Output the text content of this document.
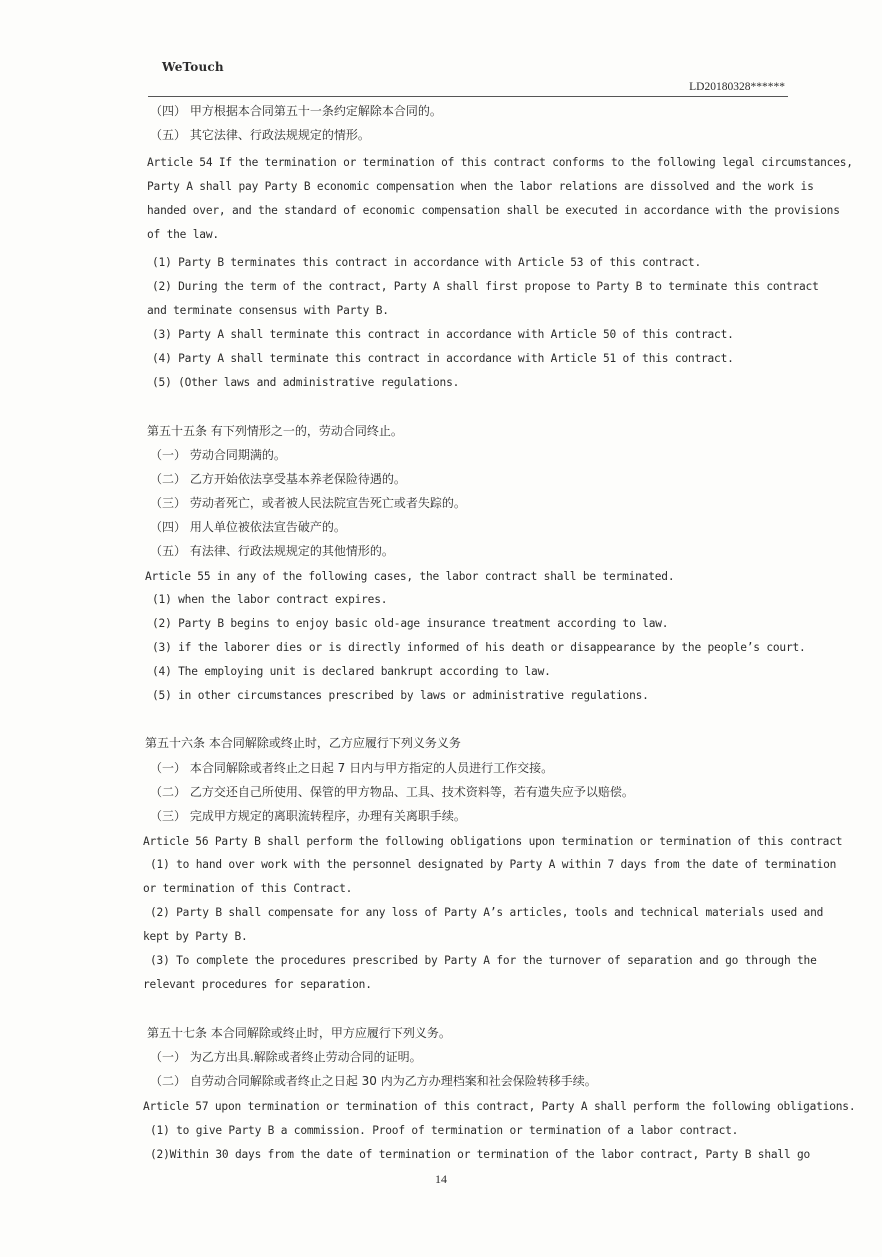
WeTouch
LD20180328******
（四） 甲方根据本合同第五十一条约定解除本合同的。
（五） 其它法律、行政法规规定的情形。
Article 54 If the termination or termination of this contract conforms to the following legal circumstances,
Party A shall pay Party B economic compensation when the labor relations are dissolved and the work is
handed over, and the standard of economic compensation shall be executed in accordance with the provisions
of the law.
(1) Party B terminates this contract in accordance with Article 53 of this contract.
(2) During the term of the contract, Party A shall first propose to Party B to terminate this contract
and terminate consensus with Party B.
(3) Party A shall terminate this contract in accordance with Article 50 of this contract.
(4) Party A shall terminate this contract in accordance with Article 51 of this contract.
(5) (Other laws and administrative regulations.
第五十五条 有下列情形之一的，劳动合同终止。
（一） 劳动合同期满的。
（二） 乙方开始依法享受基本养老保险待遇的。
（三） 劳动者死亡，或者被人民法院宣告死亡或者失踪的。
（四） 用人单位被依法宣告破产的。
（五） 有法律、行政法规规定的其他情形的。
Article 55 in any of the following cases, the labor contract shall be terminated.
(1) when the labor contract expires.
(2) Party B begins to enjoy basic old-age insurance treatment according to law.
(3) if the laborer dies or is directly informed of his death or disappearance by the people’s court.
(4) The employing unit is declared bankrupt according to law.
(5) in other circumstances prescribed by laws or administrative regulations.
第五十六条 本合同解除或终止时，乙方应履行下列义务义务
（一） 本合同解除或者终止之日起 7 日内与甲方指定的人员进行工作交接。
（二） 乙方交还自己所使用、保管的甲方物品、工具、技术资料等，若有遗失应予以赔偿。
（三） 完成甲方规定的离职流转程序，办理有关离职手续。
Article 56 Party B shall perform the following obligations upon termination or termination of this contract
(1) to hand over work with the personnel designated by Party A within 7 days from the date of termination
or termination of this Contract.
(2) Party B shall compensate for any loss of Party A’s articles, tools and technical materials used and
kept by Party B.
(3) To complete the procedures prescribed by Party A for the turnover of separation and go through the
relevant procedures for separation.
第五十七条 本合同解除或终止时，甲方应履行下列义务。
（一） 为乙方出具.解除或者终止劳动合同的证明。
（二） 自劳动合同解除或者终止之日起 30 内为乙方办理档案和社会保险转移手续。
Article 57 upon termination or termination of this contract, Party A shall perform the following obligations.
(1) to give Party B a commission. Proof of termination or termination of a labor contract.
(2)Within 30 days from the date of termination or termination of the labor contract, Party B shall go
14
